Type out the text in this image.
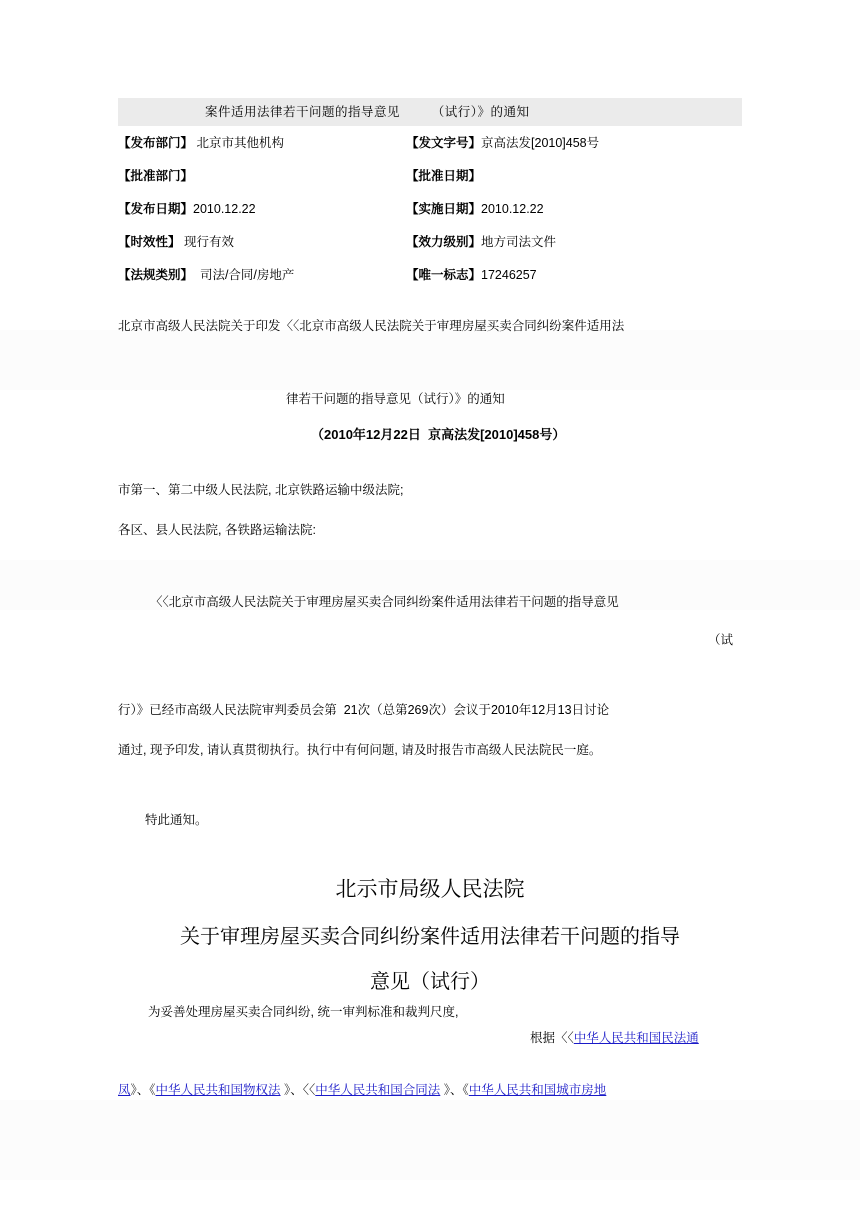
案件适用法律若干问题的指导意见        （试行）》的通知
【发布部门】 北京市其他机构	【发文字号】京高法发[2010]458号
【批准部门】	【批准日期】
【发布日期】2010.12.22	【实施日期】2010.12.22
【时效性】 现行有效	【效力级别】地方司法文件
【法规类别】  司法/合同/房地产	【唯一标志】17246257
北京市高级人民法院关于印发〈〈北京市高级人民法院关于审理房屋买卖合同纠纷案件适用法
律若干问题的指导意见（试行）》的通知
（2010年12月22日  京高法发[2010]458号）
市第一、第二中级人民法院, 北京铁路运输中级法院;
各区、县人民法院, 各铁路运输法院:
〈〈北京市高级人民法院关于审理房屋买卖合同纠纷案件适用法律若干问题的指导意见
（试
行）》已经市高级人民法院审判委员会第  21次（总第269次）会议于2010年12月13日讨论
通过, 现予印发, 请认真贯彻执行。执行中有何问题, 请及时报告市高级人民法院民一庭。
特此通知。
北示市局级人民法院
关于审理房屋买卖合同纠纷案件适用法律若干问题的指导
意见（试行）
为妥善处理房屋买卖合同纠纷, 统一审判标准和裁判尺度,
根据〈〈中华人民共和国民法通
凤》、《中华人民共和国物权法 》、〈〈中华人民共和国合同法 》、《中华人民共和国城市房地
